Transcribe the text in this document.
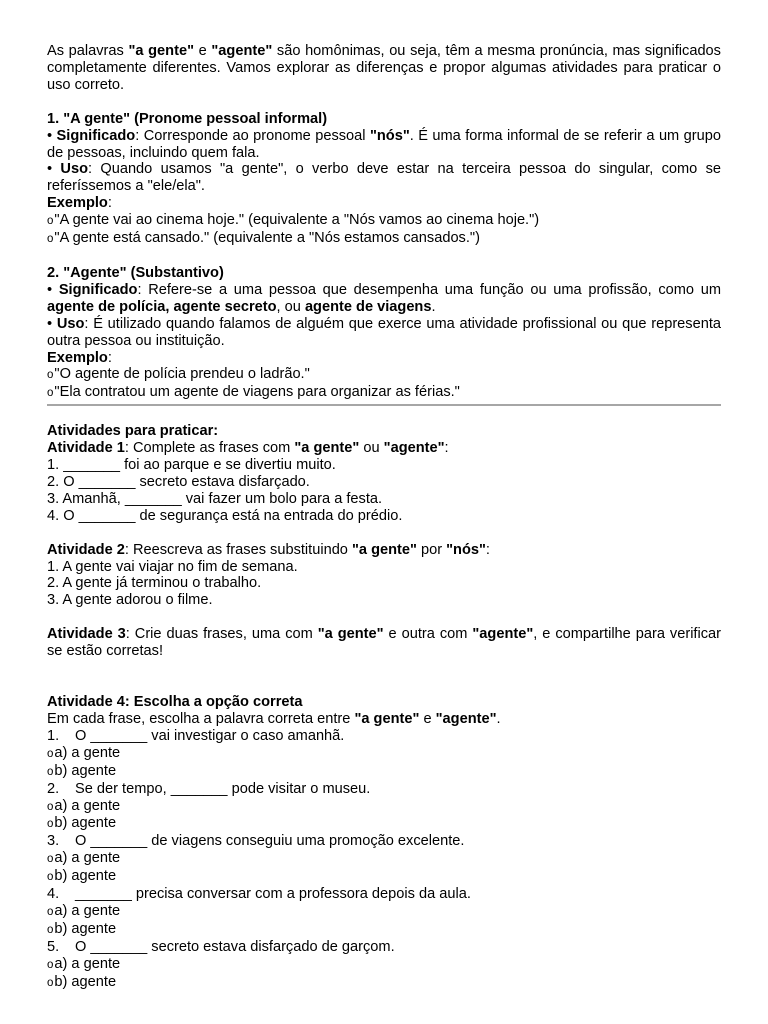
As palavras "a gente" e "agente" são homônimas, ou seja, têm a mesma pronúncia, mas significados completamente diferentes. Vamos explorar as diferenças e propor algumas atividades para praticar o uso correto.

1. "A gente" (Pronome pessoal informal)

• Significado: Corresponde ao pronome pessoal "nós". É uma forma informal de se referir a um grupo de pessoas, incluindo quem fala.

• Uso: Quando usamos "a gente", o verbo deve estar na terceira pessoa do singular, como se referíssemos a "ele/ela".

Exemplo:

o"A gente vai ao cinema hoje." (equivalente a "Nós vamos ao cinema hoje.")

o"A gente está cansado." (equivalente a "Nós estamos cansados.")

2. "Agente" (Substantivo)

• Significado: Refere-se a uma pessoa que desempenha uma função ou uma profissão, como um agente de polícia, agente secreto, ou agente de viagens.

• Uso: É utilizado quando falamos de alguém que exerce uma atividade profissional ou que representa outra pessoa ou instituição.

Exemplo:

o"O agente de polícia prendeu o ladrão."

o"Ela contratou um agente de viagens para organizar as férias."

Atividades para praticar:

Atividade 1: Complete as frases com "a gente" ou "agente":

1. _______ foi ao parque e se divertiu muito.

2. O _______ secreto estava disfarçado.

3. Amanhã, _______ vai fazer um bolo para a festa.

4. O _______ de segurança está na entrada do prédio.

Atividade 2: Reescreva as frases substituindo "a gente" por "nós":

1. A gente vai viajar no fim de semana.

2. A gente já terminou o trabalho.

3. A gente adorou o filme.

Atividade 3: Crie duas frases, uma com "a gente" e outra com "agente", e compartilhe para verificar se estão corretas!

Atividade 4: Escolha a opção correta

Em cada frase, escolha a palavra correta entre "a gente" e "agente".

1. O _______ vai investigar o caso amanhã.

oa) a gente

ob) agente

2. Se der tempo, _______ pode visitar o museu.

oa) a gente

ob) agente

3. O _______ de viagens conseguiu uma promoção excelente.

oa) a gente

ob) agente

4. _______ precisa conversar com a professora depois da aula.

oa) a gente

ob) agente

5. O _______ secreto estava disfarçado de garçom.

oa) a gente

ob) agente
